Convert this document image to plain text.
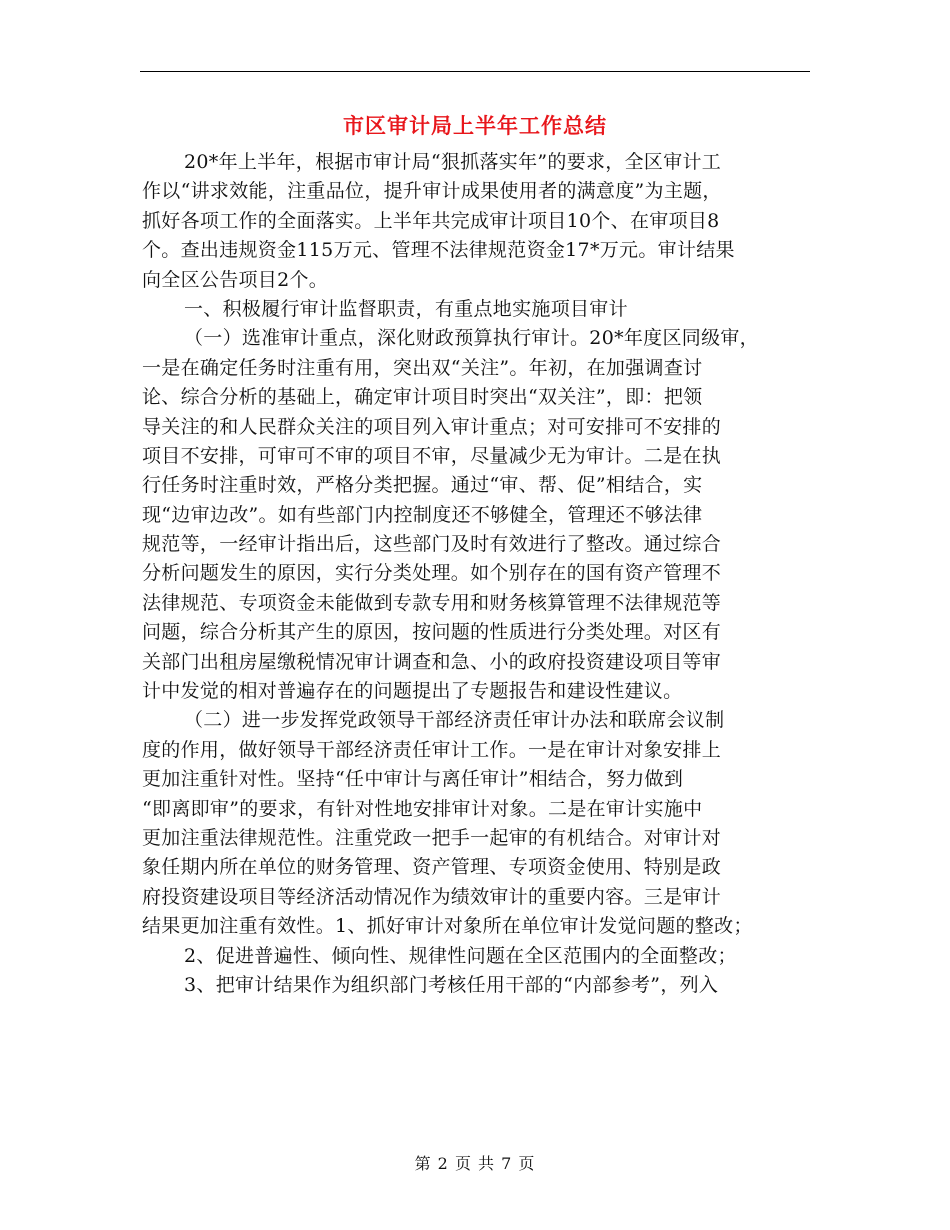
市区审计局上半年工作总结
20*年上半年，根据市审计局“狠抓落实年”的要求，全区审计工
作以“讲求效能，注重品位，提升审计成果使用者的满意度”为主题，
抓好各项工作的全面落实。上半年共完成审计项目10个、在审项目8
个。查出违规资金115万元、管理不法律规范资金17*万元。审计结果
向全区公告项目2个。
一、积极履行审计监督职责，有重点地实施项目审计
（一）选准审计重点，深化财政预算执行审计。20*年度区同级审，
一是在确定任务时注重有用，突出双“关注”。年初，在加强调查讨
论、综合分析的基础上，确定审计项目时突出“双关注”，即：把领
导关注的和人民群众关注的项目列入审计重点；对可安排可不安排的
项目不安排，可审可不审的项目不审，尽量减少无为审计。二是在执
行任务时注重时效，严格分类把握。通过“审、帮、促”相结合，实
现“边审边改”。如有些部门内控制度还不够健全，管理还不够法律
规范等，一经审计指出后，这些部门及时有效进行了整改。通过综合
分析问题发生的原因，实行分类处理。如个别存在的国有资产管理不
法律规范、专项资金未能做到专款专用和财务核算管理不法律规范等
问题，综合分析其产生的原因，按问题的性质进行分类处理。对区有
关部门出租房屋缴税情况审计调查和急、小的政府投资建设项目等审
计中发觉的相对普遍存在的问题提出了专题报告和建设性建议。
（二）进一步发挥党政领导干部经济责任审计办法和联席会议制
度的作用，做好领导干部经济责任审计工作。一是在审计对象安排上
更加注重针对性。坚持“任中审计与离任审计”相结合，努力做到
“即离即审”的要求，有针对性地安排审计对象。二是在审计实施中
更加注重法律规范性。注重党政一把手一起审的有机结合。对审计对
象任期内所在单位的财务管理、资产管理、专项资金使用、特别是政
府投资建设项目等经济活动情况作为绩效审计的重要内容。三是审计
结果更加注重有效性。1、抓好审计对象所在单位审计发觉问题的整改；
2、促进普遍性、倾向性、规律性问题在全区范围内的全面整改；
3、把审计结果作为组织部门考核任用干部的“内部参考”，列入
第 2 页 共 7 页
